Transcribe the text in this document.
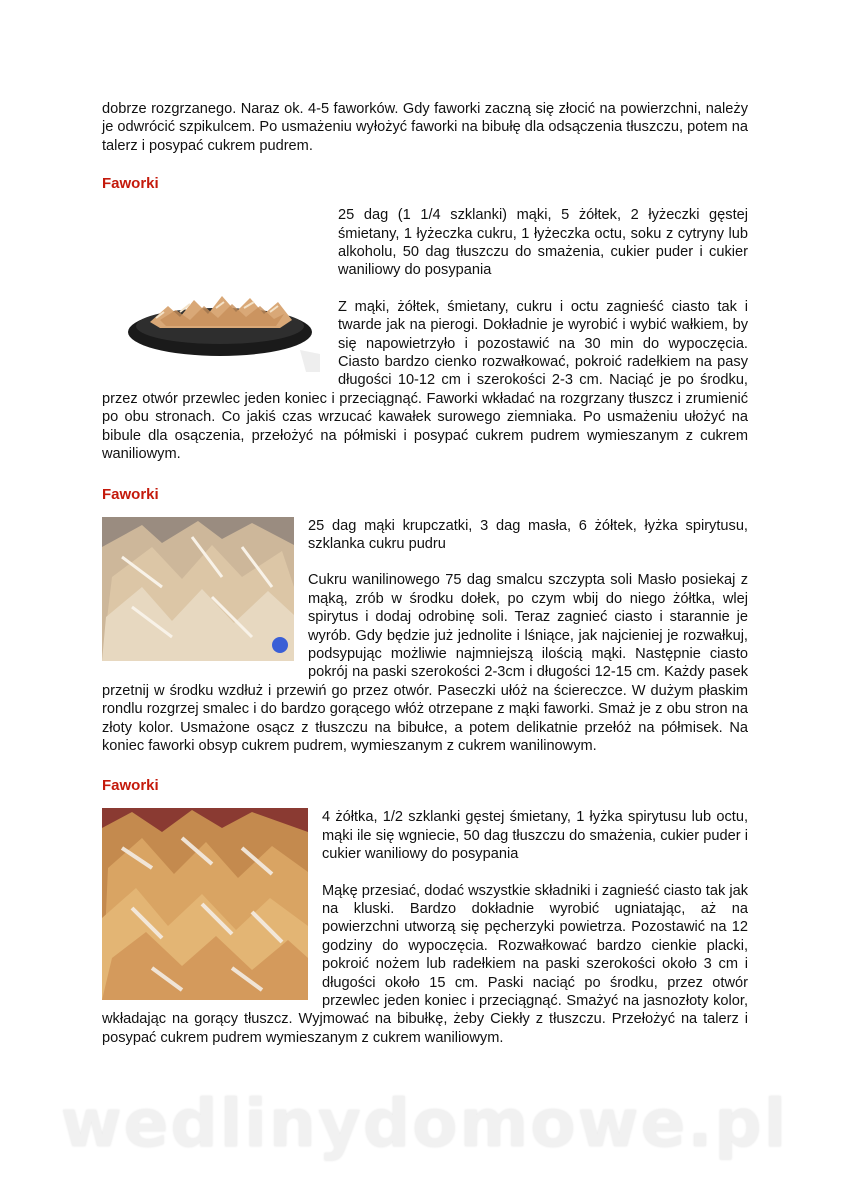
dobrze rozgrzanego. Naraz ok. 4-5 faworków. Gdy faworki zaczną się złocić na powierzchni, należy je odwrócić szpikulcem. Po usmażeniu wyłożyć faworki na bibułę dla odsączenia tłuszczu, potem na talerz i posypać cukrem pudrem.

Faworki

25 dag (1 1/4 szklanki) mąki, 5 żółtek, 2 łyżeczki gęstej śmietany, 1 łyżeczka cukru, 1 łyżeczka octu, soku z cytryny lub alkoholu, 50 dag tłuszczu do smażenia, cukier puder i cukier waniliowy do posypania

Z mąki, żółtek, śmietany, cukru i octu zagnieść ciasto tak i twarde jak na pierogi. Dokładnie je wyrobić i wybić wałkiem, by się napowietrzyło i pozostawić na 30 min do wypoczęcia. Ciasto bardzo cienko rozwałkować, pokroić radełkiem na pasy długości 10-12 cm i szerokości 2-3 cm. Naciąć je po środku, przez otwór przewlec jeden koniec i przeciągnąć. Faworki wkładać na rozgrzany tłuszcz i zrumienić po obu stronach. Co jakiś czas wrzucać kawałek surowego ziemniaka. Po usmażeniu ułożyć na bibule dla osączenia, przełożyć na półmiski i posypać cukrem pudrem wymieszanym z cukrem waniliowym.

Faworki

25 dag mąki krupczatki, 3 dag masła, 6 żółtek, łyżka spirytusu, szklanka cukru pudru

Cukru wanilinowego 75 dag smalcu szczypta soli Masło posiekaj z mąką, zrób w środku dołek, po czym wbij do niego żółtka, wlej spirytus i dodaj odrobinę soli. Teraz zagnieć ciasto i starannie je wyrób. Gdy będzie już jednolite i lśniące, jak najcieniej je rozwałkuj, podsypując możliwie najmniejszą ilością mąki. Następnie ciasto pokrój na paski szerokości 2-3cm i długości 12-15 cm. Każdy pasek przetnij w środku wzdłuż i przewiń go przez otwór. Paseczki ułóż na ściereczce. W dużym płaskim rondlu rozgrzej smalec i do bardzo gorącego włóż otrzepane z mąki faworki. Smaż je z obu stron na złoty kolor. Usmażone osącz z tłuszczu na bibułce, a potem delikatnie przełóż na półmisek. Na koniec faworki obsyp cukrem pudrem, wymieszanym z cukrem wanilinowym.

Faworki

4 żółtka, 1/2 szklanki gęstej śmietany, 1 łyżka spirytusu lub octu, mąki ile się wgniecie, 50 dag tłuszczu do smażenia, cukier puder i cukier waniliowy do posypania

Mąkę przesiać, dodać wszystkie składniki i zagnieść ciasto tak jak na kluski. Bardzo dokładnie wyrobić ugniatając, aż na powierzchni utworzą się pęcherzyki powietrza. Pozostawić na 12 godziny do wypoczęcia. Rozwałkować bardzo cienkie placki, pokroić nożem lub radełkiem na paski szerokości około 3 cm i długości około 15 cm. Paski naciąć po środku, przez otwór przewlec jeden koniec i przeciągnąć. Smażyć na jasnozłoty kolor, wkładając na gorący tłuszcz. Wyjmować na bibułkę, żeby Ciekły z tłuszczu. Przełożyć na talerz i posypać cukrem pudrem wymieszanym z cukrem waniliowym.

wedlinydomowe.pl
